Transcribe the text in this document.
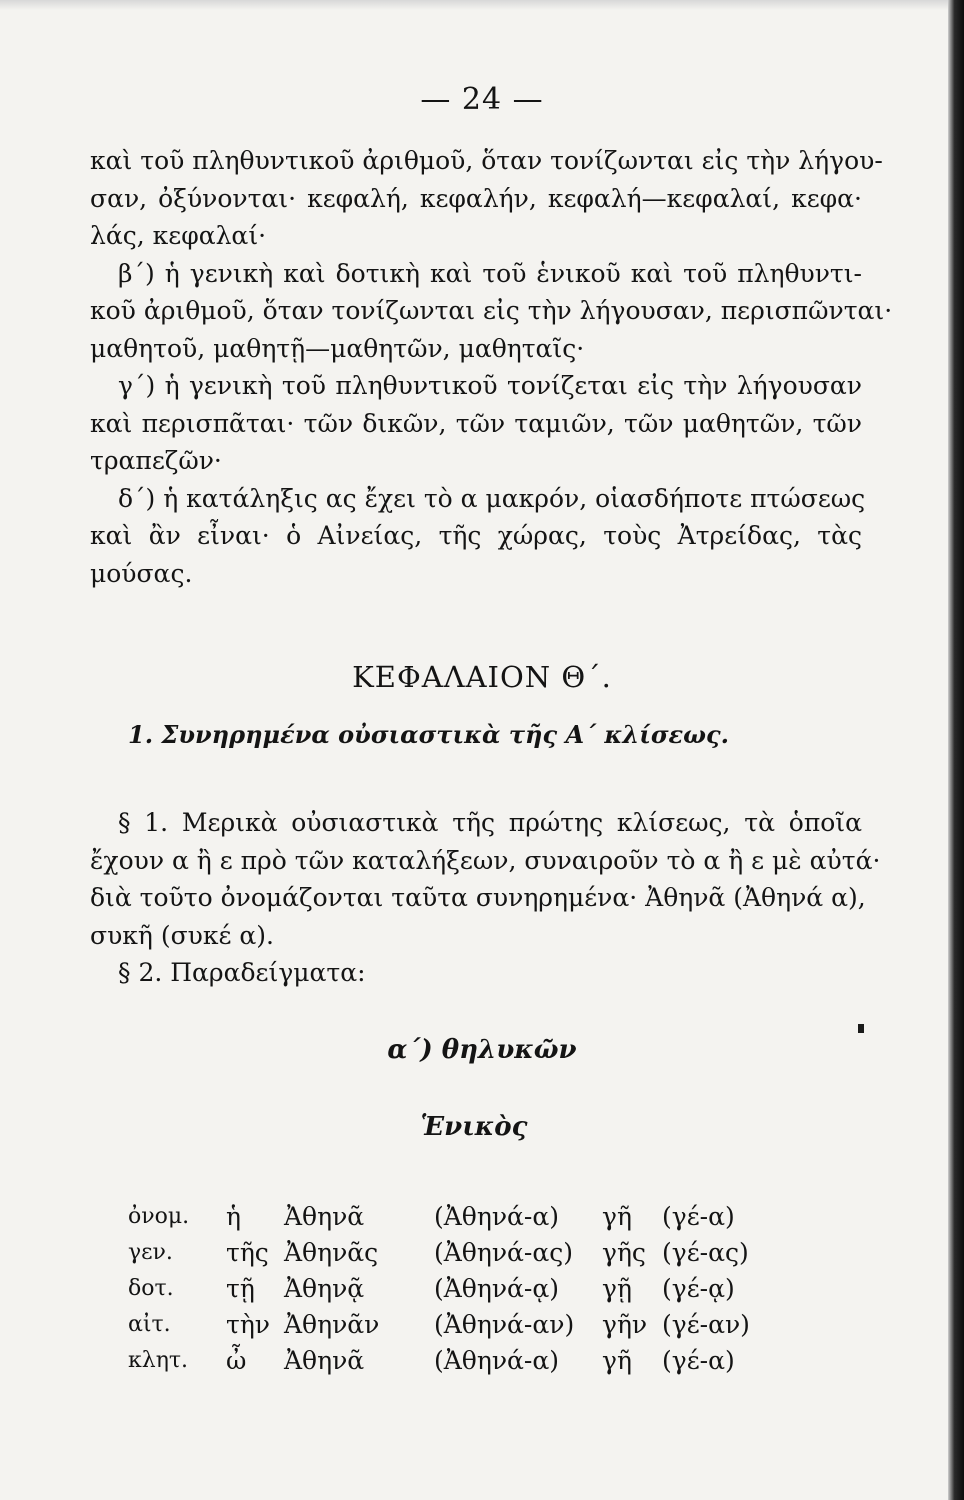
— 24 —
καὶ τοῦ πληθυντικοῦ ἀριθμοῦ, ὅταν τονίζωνται εἰς τὴν λήγου-
σαν, ὀξύνονται· κεφαλή, κεφαλήν, κεφαλή—κεφαλαί, κεφα·
λάς, κεφαλαί·
β΄) ἡ γενικὴ καὶ δοτικὴ καὶ τοῦ ἑνικοῦ καὶ τοῦ πληθυντι-
κοῦ ἀριθμοῦ, ὅταν τονίζωνται εἰς τὴν λήγουσαν, περισπῶνται·
μαθητοῦ, μαθητῇ—μαθητῶν, μαθηταῖς·
γ΄) ἡ γενικὴ τοῦ πληθυντικοῦ τονίζεται εἰς τὴν λήγουσαν
καὶ περισπᾶται· τῶν δικῶν, τῶν ταμιῶν, τῶν μαθητῶν, τῶν
τραπεζῶν·
δ΄) ἡ κατάληξις ας ἔχει τὸ α μακρόν, οἱασδήποτε πτώσεως
καὶ ἂν εἶναι· ὁ Αἰνείας, τῆς χώρας, τοὺς Ἀτρείδας, τὰς
μούσας.
ΚΕΦΑΛΑΙΟΝ Θ΄.
1. Συνηρημένα οὐσιαστικὰ τῆς Α΄ κλίσεως.
§ 1. Μερικὰ οὐσιαστικὰ τῆς πρώτης κλίσεως, τὰ ὁποῖα
ἔχουν α ἢ ε πρὸ τῶν καταλήξεων, συναιροῦν τὸ α ἢ ε μὲ αὐτά·
διὰ τοῦτο ὀνομάζονται ταῦτα συνηρημένα· Ἀθηνᾶ (Ἀθηνά α),
συκῆ (συκέ α).
§ 2. Παραδείγματα:
α΄) θηλυκῶν
Ἑνικὸς
ὀνομ.	ἡ	Ἀθηνᾶ	(Ἀθηνά-α)	γῆ	(γέ-α)
γεν.	τῆς	Ἀθηνᾶς	(Ἀθηνά-ας)	γῆς	(γέ-ας)
δοτ.	τῇ	Ἀθηνᾷ	(Ἀθηνά-ᾳ)	γῇ	(γέ-ᾳ)
αἰτ.	τὴν	Ἀθηνᾶν	(Ἀθηνά-αν)	γῆν	(γέ-αν)
κλητ.	ὦ	Ἀθηνᾶ	(Ἀθηνά-α)	γῆ	(γέ-α)
